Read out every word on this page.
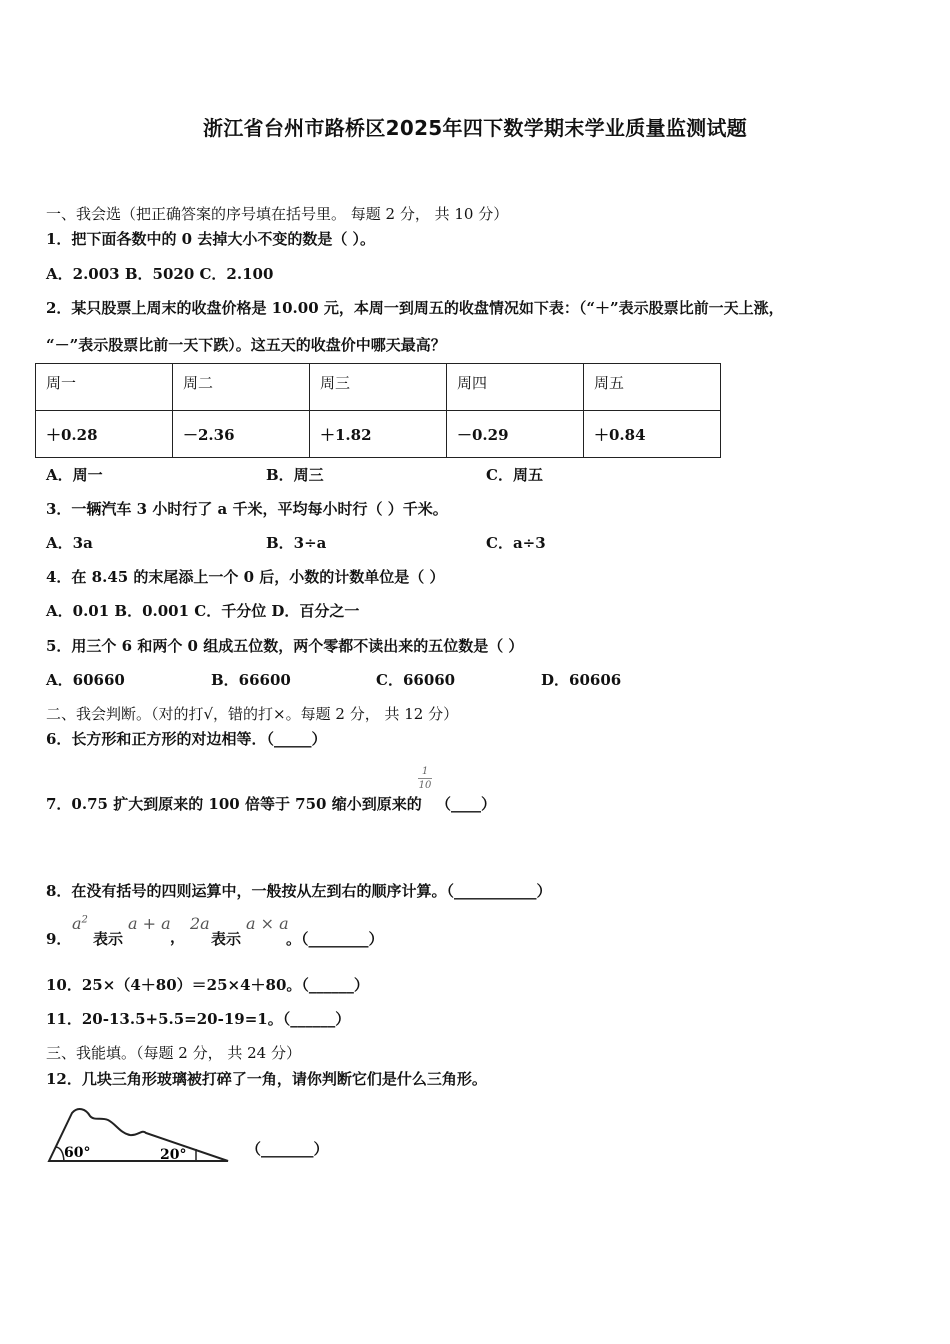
浙江省台州市路桥区2025年四下数学期末学业质量监测试题
一、我会选（把正确答案的序号填在括号里。 每题 2 分， 共 10 分）
1．把下面各数中的 0 去掉大小不变的数是（ ）。
A．2.003 B．5020 C．2.100
2．某只股票上周末的收盘价格是 10.00 元，本周一到周五的收盘情况如下表：（“＋”表示股票比前一天上涨，
“－”表示股票比前一天下跌）。这五天的收盘价中哪天最高？
周一	周二	周三	周四	周五
＋0.28	－2.36	＋1.82	－0.29	＋0.84
A．周一	B．周三	C．周五
3．一辆汽车 3 小时行了 a 千米，平均每小时行（ ）千米。
A．3a	B．3÷a	C．a÷3
4．在 8.45 的末尾添上一个 0 后，小数的计数单位是（ ）
A．0.01 B．0.001 C．千分位 D．百分之一
5．用三个 6 和两个 0 组成五位数，两个零都不读出来的五位数是（ ）
A．60660	B．66600	C．66060	D．60606
二、我会判断。（对的打√，错的打×。每题 2 分， 共 12 分）
6．长方形和正方形的对边相等．（_____）
7．0.75 扩大到原来的 100 倍等于 750 缩小到原来的
1
10
（____）
8．在没有括号的四则运算中，一般按从左到右的顺序计算。（___________）
9．
$a^2$
表示
a + a
，
2a
表示
a × a
。（________）
10．25×（4＋80）＝25×4＋80。（______）
11．20-13.5+5.5=20-19=1。（______）
三、我能填。（每题 2 分， 共 24 分）
12．几块三角形玻璃被打碎了一角，请你判断它们是什么三角形。
60°	20°	（_______）
